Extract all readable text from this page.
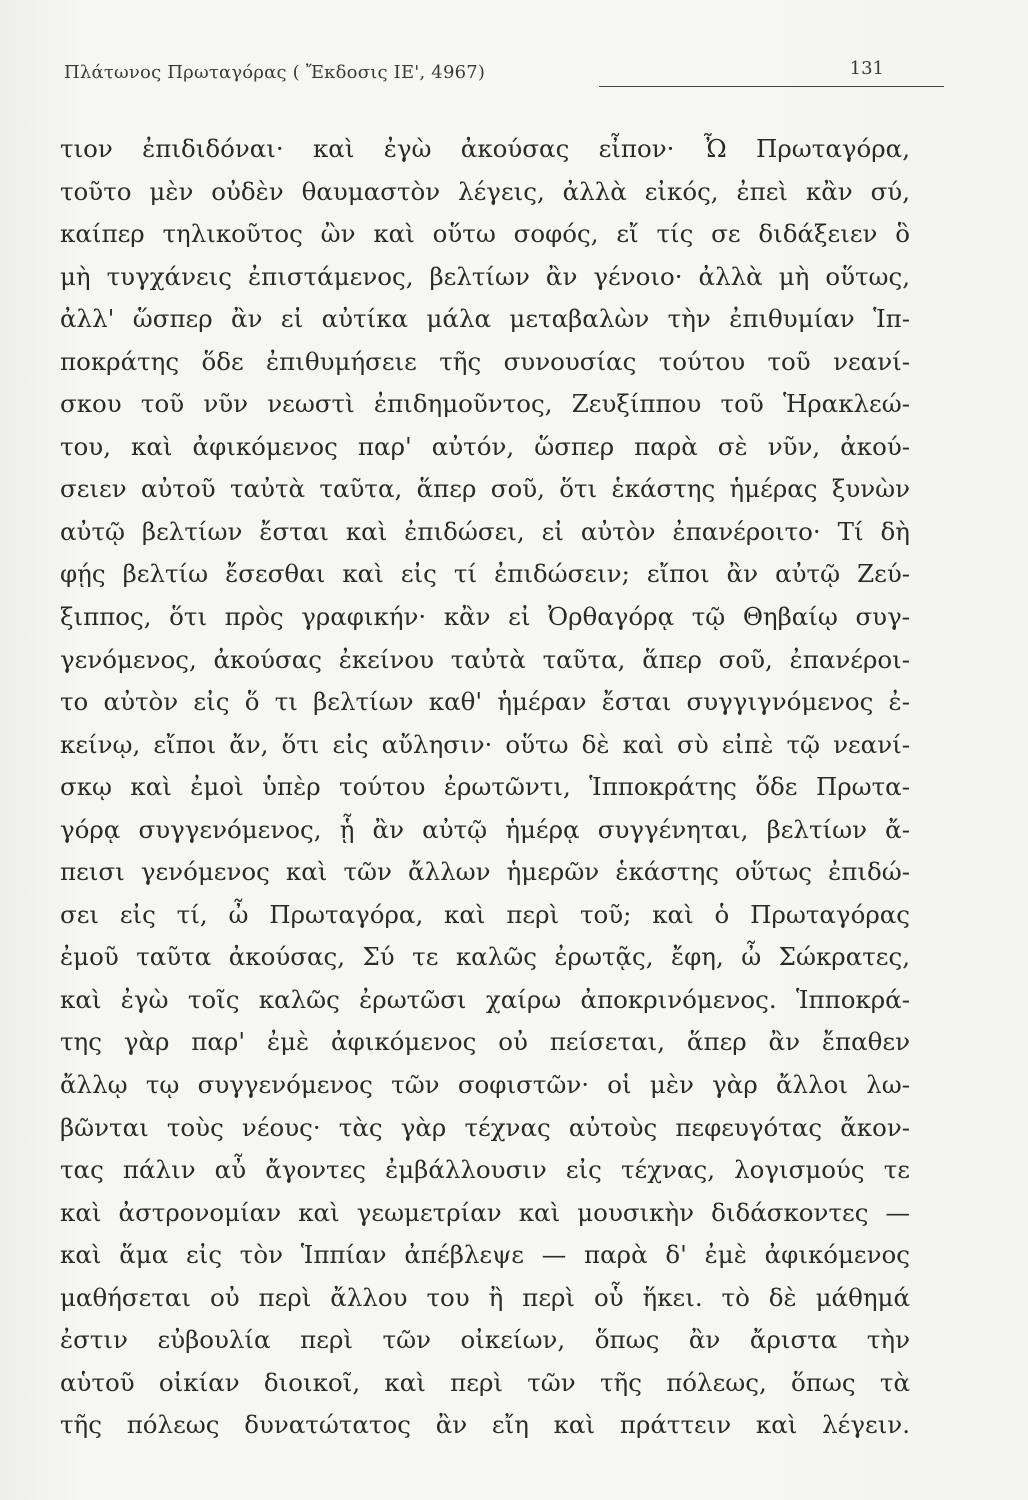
Πλάτωνος Πρωταγόρας ( Ἔκδοσις ΙΕ', 4967)	131
τιον ἐπιδιδόναι· καὶ ἐγὼ ἀκούσας εἶπον· Ὦ Πρωταγόρα,
τοῦτο μὲν οὐδὲν θαυμαστὸν λέγεις, ἀλλὰ εἰκός, ἐπεὶ κἂν σύ,
καίπερ τηλικοῦτος ὢν καὶ οὕτω σοφός, εἴ τίς σε διδάξειεν ὃ
μὴ τυγχάνεις ἐπιστάμενος, βελτίων ἂν γένοιο· ἀλλὰ μὴ οὕτως,
ἀλλ' ὥσπερ ἂν εἰ αὐτίκα μάλα μεταβαλὼν τὴν ἐπιθυμίαν Ἱπ-
ποκράτης ὅδε ἐπιθυμήσειε τῆς συνουσίας τούτου τοῦ νεανί-
σκου τοῦ νῦν νεωστὶ ἐπιδημοῦντος, Ζευξίππου τοῦ Ἡρακλεώ-
του, καὶ ἀφικόμενος παρ' αὐτόν, ὥσπερ παρὰ σὲ νῦν, ἀκού-
σειεν αὐτοῦ ταὐτὰ ταῦτα, ἅπερ σοῦ, ὅτι ἑκάστης ἡμέρας ξυνὼν
αὐτῷ βελτίων ἔσται καὶ ἐπιδώσει, εἰ αὐτὸν ἐπανέροιτο· Τί δὴ
φῄς βελτίω ἔσεσθαι καὶ εἰς τί ἐπιδώσειν; εἴποι ἂν αὐτῷ Ζεύ-
ξιππος, ὅτι πρὸς γραφικήν· κἂν εἰ Ὀρθαγόρᾳ τῷ Θηβαίῳ συγ-
γενόμενος, ἀκούσας ἐκείνου ταὐτὰ ταῦτα, ἅπερ σοῦ, ἐπανέροι-
το αὐτὸν εἰς ὅ τι βελτίων καθ' ἡμέραν ἔσται συγγιγνόμενος ἐ-
κείνῳ, εἴποι ἄν, ὅτι εἰς αὔλησιν· οὕτω δὲ καὶ σὺ εἰπὲ τῷ νεανί-
σκῳ καὶ ἐμοὶ ὑπὲρ τούτου ἐρωτῶντι, Ἱπποκράτης ὅδε Πρωτα-
γόρᾳ συγγενόμενος, ᾗ ἂν αὐτῷ ἡμέρᾳ συγγένηται, βελτίων ἄ-
πεισι γενόμενος καὶ τῶν ἄλλων ἡμερῶν ἑκάστης οὕτως ἐπιδώ-
σει εἰς τί, ὦ Πρωταγόρα, καὶ περὶ τοῦ; καὶ ὁ Πρωταγόρας
ἐμοῦ ταῦτα ἀκούσας, Σύ τε καλῶς ἐρωτᾷς, ἔφη, ὦ Σώκρατες,
καὶ ἐγὼ τοῖς καλῶς ἐρωτῶσι χαίρω ἀποκρινόμενος. Ἱπποκρά-
της γὰρ παρ' ἐμὲ ἀφικόμενος οὐ πείσεται, ἅπερ ἂν ἔπαθεν
ἄλλῳ τῳ συγγενόμενος τῶν σοφιστῶν· οἱ μὲν γὰρ ἄλλοι λω-
βῶνται τοὺς νέους· τὰς γὰρ τέχνας αὐτοὺς πεφευγότας ἄκον-
τας πάλιν αὖ ἄγοντες ἐμβάλλουσιν εἰς τέχνας, λογισμούς τε
καὶ ἀστρονομίαν καὶ γεωμετρίαν καὶ μουσικὴν διδάσκοντες —
καὶ ἅμα εἰς τὸν Ἱππίαν ἀπέβλεψε — παρὰ δ' ἐμὲ ἀφικόμενος
μαθήσεται οὐ περὶ ἄλλου του ἢ περὶ οὗ ἥκει. τὸ δὲ μάθημά
ἐστιν εὐβουλία περὶ τῶν οἰκείων, ὅπως ἂν ἄριστα τὴν
αὑτοῦ οἰκίαν διοικοῖ, καὶ περὶ τῶν τῆς πόλεως, ὅπως τὰ
τῆς πόλεως δυνατώτατος ἂν εἴη καὶ πράττειν καὶ λέγειν.
